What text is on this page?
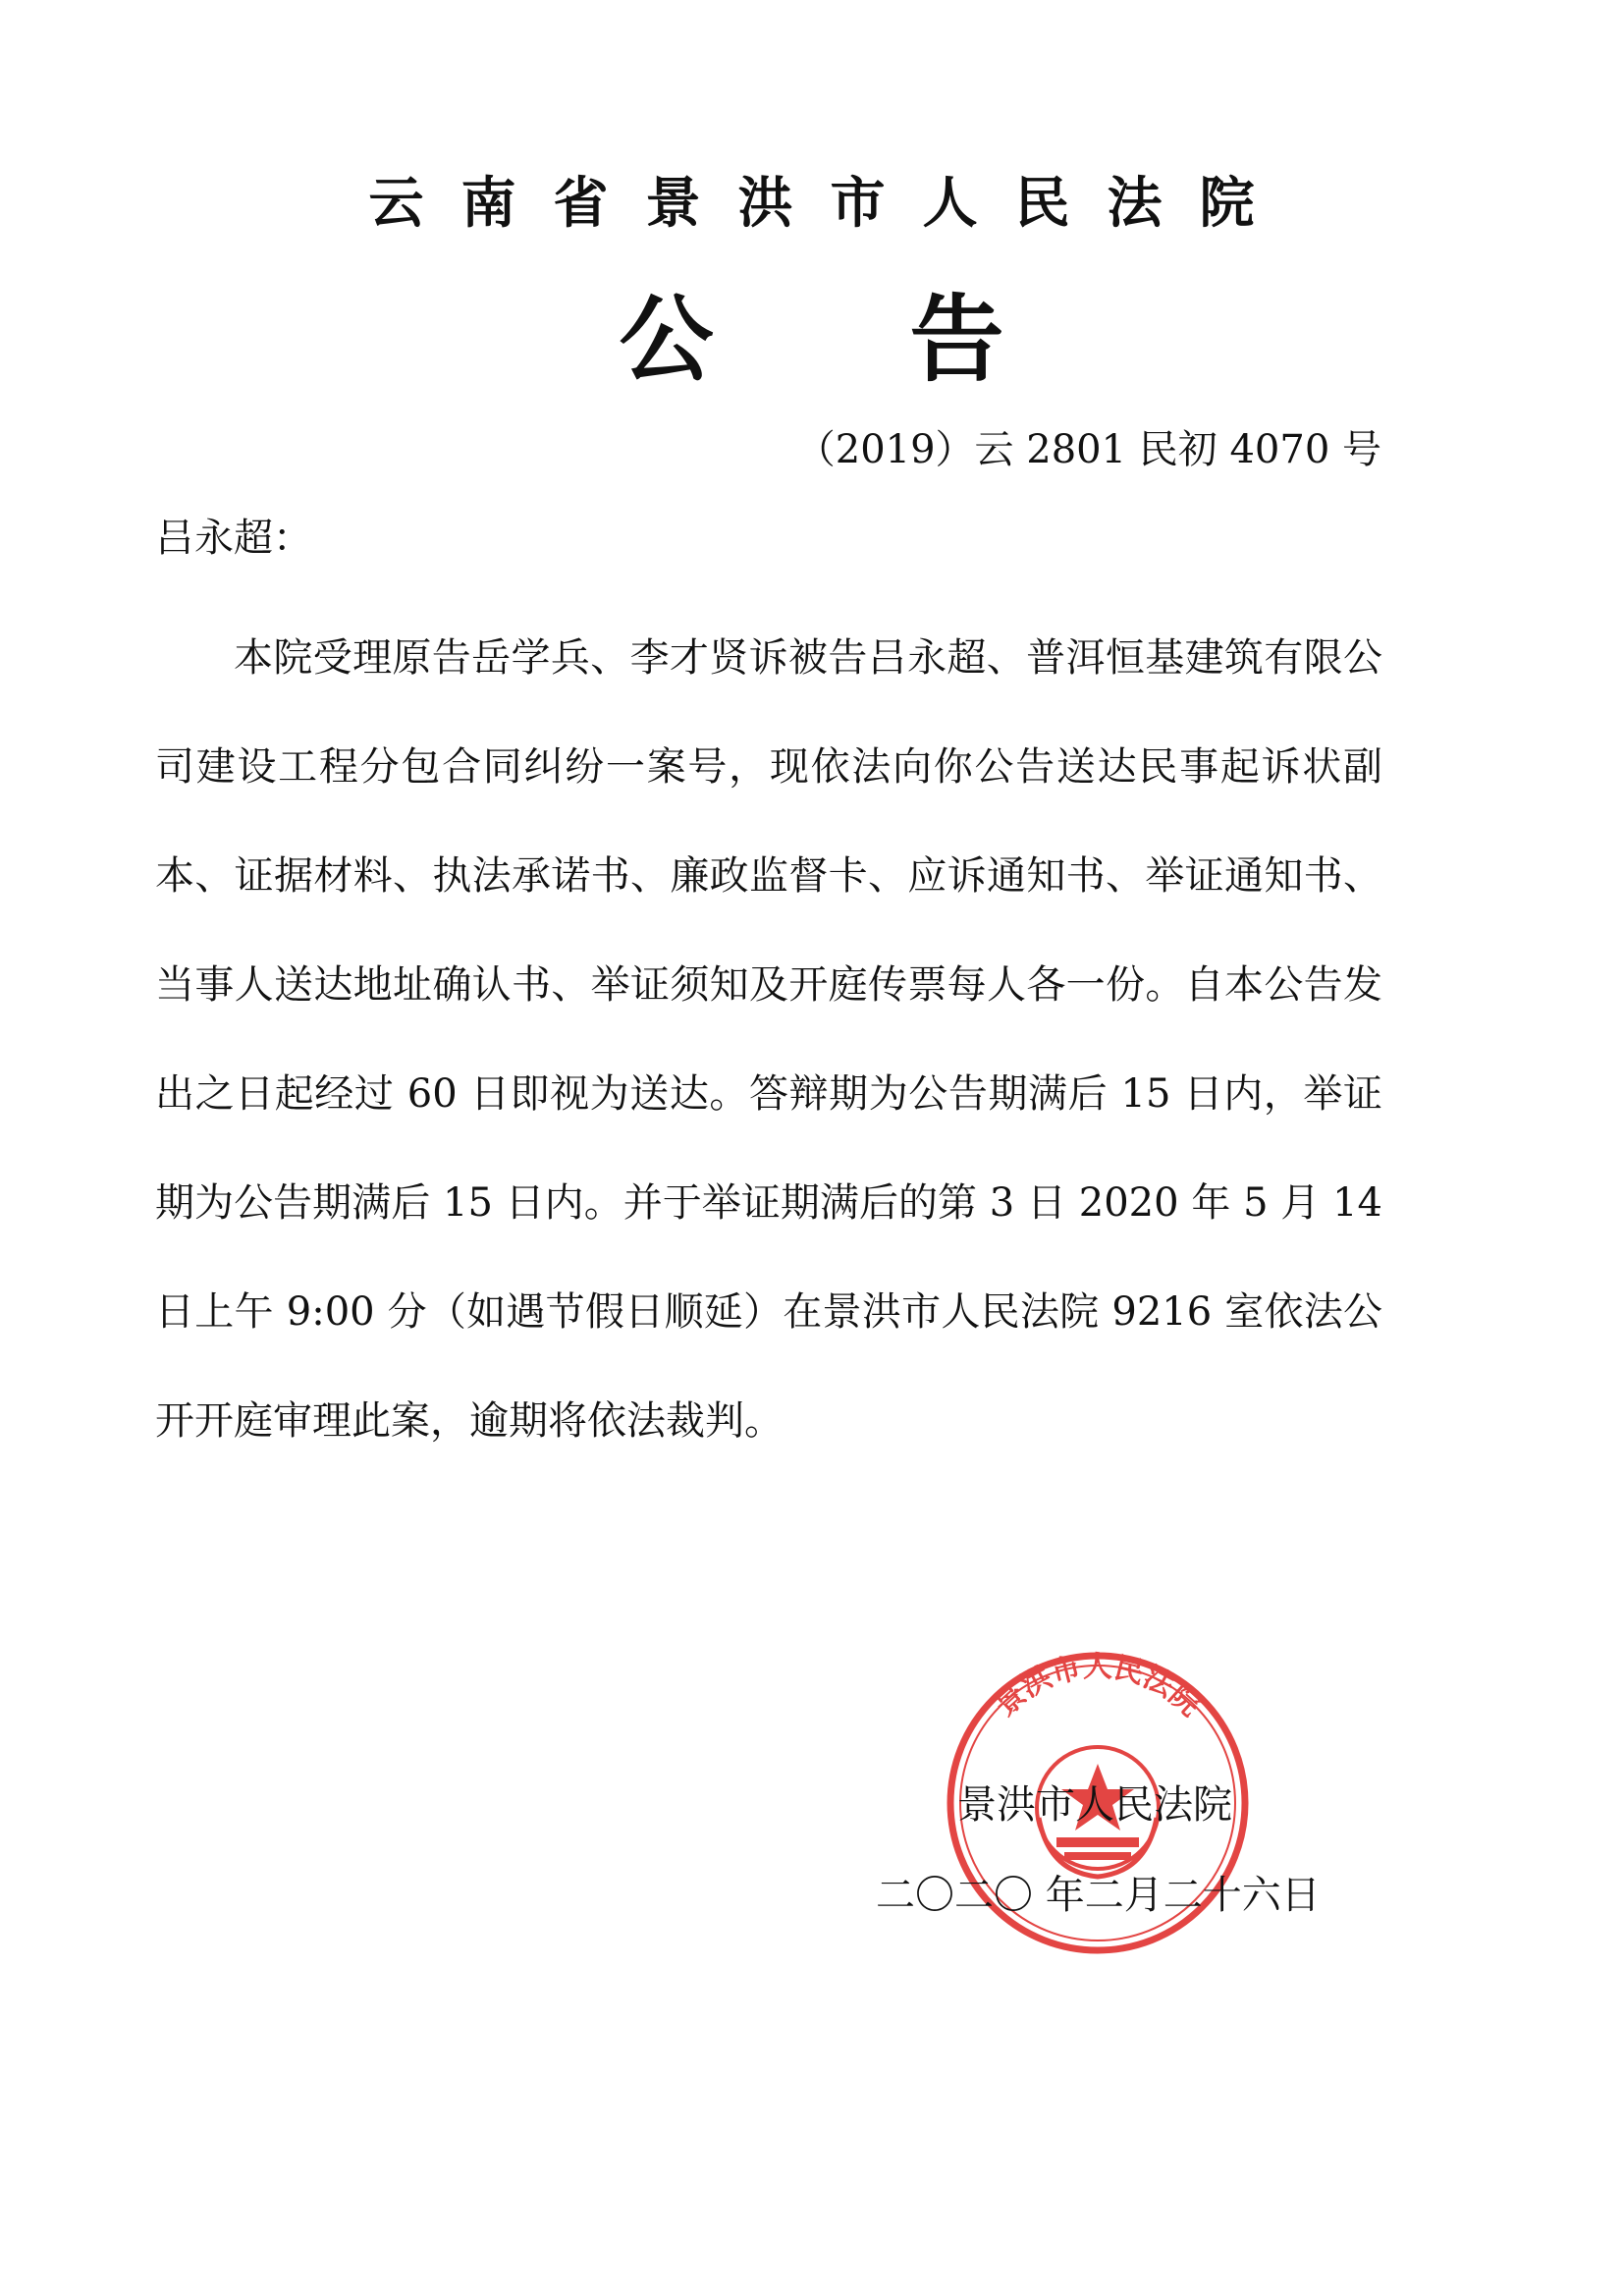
云南省景洪市人民法院
公 告
（2019）云 2801 民初 4070 号
吕永超：

本院受理原告岳学兵、李才贤诉被告吕永超、普洱恒基建筑有限公司建设工程分包合同纠纷一案号，现依法向你公告送达民事起诉状副本、证据材料、执法承诺书、廉政监督卡、应诉通知书、举证通知书、当事人送达地址确认书、举证须知及开庭传票每人各一份。自本公告发出之日起经过 60 日即视为送达。答辩期为公告期满后 15 日内，举证期为公告期满后 15 日内。并于举证期满后的第 3 日 2020 年 5 月 14 日上午 9:00 分（如遇节假日顺延）在景洪市人民法院 9216 室依法公开开庭审理此案，逾期将依法裁判。

景洪市人民法院
景洪市人民法院
二〇二〇 年二月二十六日
